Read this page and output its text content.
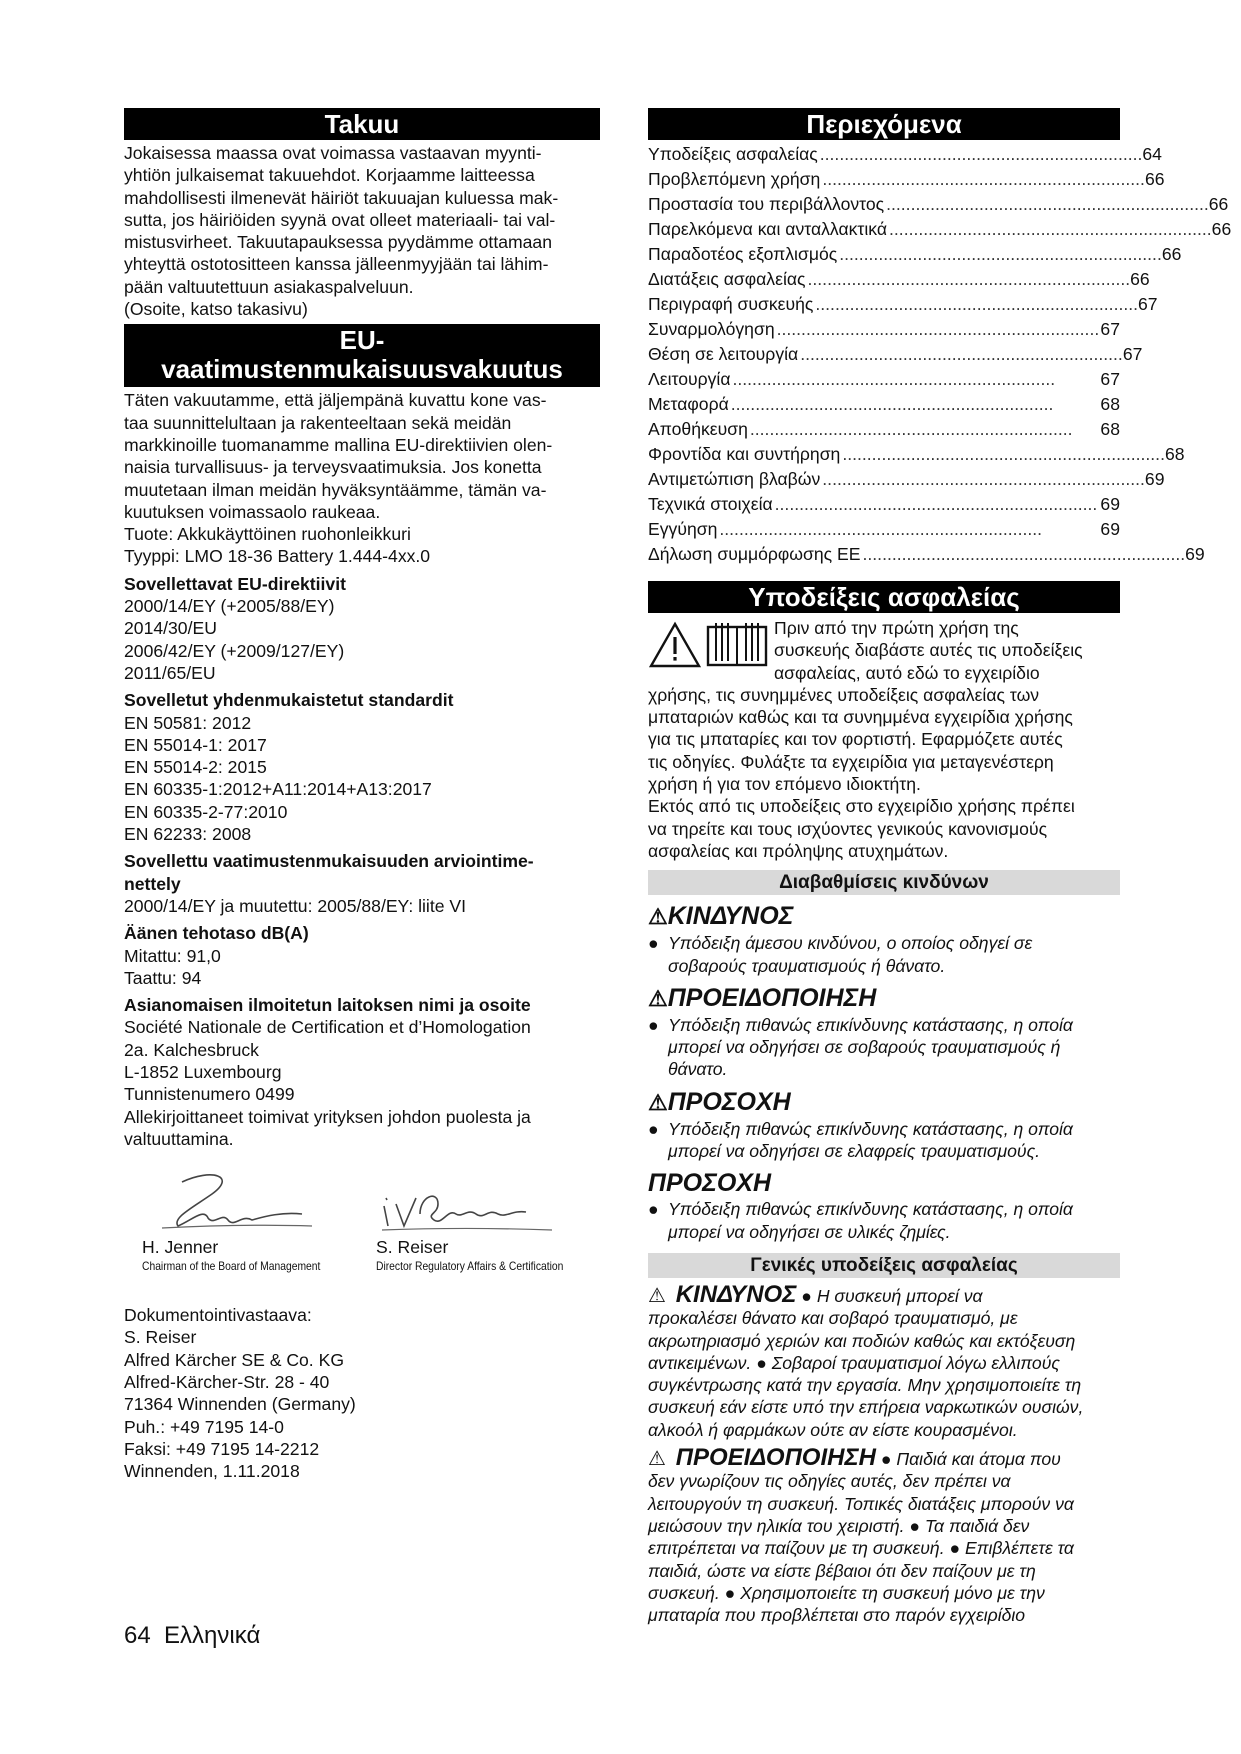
Takuu

Jokaisessa maassa ovat voimassa vastaavan myynti-

yhtiön julkaisemat takuuehdot. Korjaamme laitteessa

mahdollisesti ilmenevät häiriöt takuuajan kuluessa mak-

sutta, jos häiriöiden syynä ovat olleet materiaali- tai val-

mistusvirheet. Takuutapauksessa pyydämme ottamaan

yhteyttä ostotositteen kanssa jälleenmyyjään tai lähim-

pään valtuutettuun asiakaspalveluun.

(Osoite, katso takasivu)

EU-
vaatimustenmukaisuusvakuutus

Täten vakuutamme, että jäljempänä kuvattu kone vas-

taa suunnittelultaan ja rakenteeltaan sekä meidän

markkinoille tuomanamme mallina EU-direktiivien olen-

naisia turvallisuus- ja terveysvaatimuksia. Jos konetta

muutetaan ilman meidän hyväksyntäämme, tämän va-

kuutuksen voimassaolo raukeaa.

Tuote: Akkukäyttöinen ruohonleikkuri

Tyyppi: LMO 18-36 Battery 1.444-4xx.0

Sovellettavat EU-direktiivit

2000/14/EY (+2005/88/EY)

2014/30/EU

2006/42/EY (+2009/127/EY)

2011/65/EU

Sovelletut yhdenmukaistetut standardit

EN 50581: 2012

EN 55014-1: 2017

EN 55014-2: 2015

EN 60335-1:2012+A11:2014+A13:2017

EN 60335-2-77:2010

EN 62233: 2008

Sovellettu vaatimustenmukaisuuden arviointime-

nettely

2000/14/EY ja muutettu: 2005/88/EY: liite VI

Äänen tehotaso dB(A)

Mitattu: 91,0

Taattu: 94

Asianomaisen ilmoitetun laitoksen nimi ja osoite

Société Nationale de Certification et d’Homologation

2a. Kalchesbruck

L-1852 Luxembourg

Tunnistenumero 0499

Allekirjoittaneet toimivat yrityksen johdon puolesta ja

valtuuttamina.

H. Jenner
Chairman of the Board of Management
S. Reiser
Director Regulatory Affairs & Certification

Dokumentointivastaava:

S. Reiser

Alfred Kärcher SE & Co. KG

Alfred-Kärcher-Str. 28 - 40

71364 Winnenden (Germany)

Puh.: +49 7195 14-0

Faksi: +49 7195 14-2212

Winnenden, 1.11.2018

Περιεχόμενα
Υποδείξεις ασφαλείας .................................................................. 64
Προβλεπόμενη χρήση .................................................................. 66
Προστασία του περιβάλλοντος .................................................................. 66
Παρελκόμενα και ανταλλακτικά .................................................................. 66
Παραδοτέος εξοπλισμός .................................................................. 66
Διατάξεις ασφαλείας .................................................................. 66
Περιγραφή συσκευής .................................................................. 67
Συναρμολόγηση .................................................................. 67
Θέση σε λειτουργία .................................................................. 67
Λειτουργία ..................................................................	67
Μεταφορά ..................................................................	68
Αποθήκευση ..................................................................	68
Φροντίδα και συντήρηση .................................................................. 68
Αντιμετώπιση βλαβών .................................................................. 69
Τεχνικά στοιχεία .................................................................. 69
Εγγύηση ..................................................................	69
Δήλωση συμμόρφωσης ΕΕ .................................................................. 69
Υποδείξεις ασφαλείας

Πριν από την πρώτη χρήση της

συσκευής διαβάστε αυτές τις υποδείξεις

ασφαλείας, αυτό εδώ το εγχειρίδιο

χρήσης, τις συνημμένες υποδείξεις ασφαλείας των

μπαταριών καθώς και τα συνημμένα εγχειρίδια χρήσης

για τις μπαταρίες και τον φορτιστή. Εφαρμόζετε αυτές

τις οδηγίες. Φυλάξτε τα εγχειρίδια για μεταγενέστερη

χρήση ή για τον επόμενο ιδιοκτήτη.

Εκτός από τις υποδείξεις στο εγχειρίδιο χρήσης πρέπει

να τηρείτε και τους ισχύοντες γενικούς κανονισμούς

ασφαλείας και πρόληψης ατυχημάτων.

Διαβαθμίσεις κινδύνων
⚠ΚΙΝΔΥΝΟΣ

● Υπόδειξη άμεσου κινδύνου, ο οποίος οδηγεί σε

σοβαρούς τραυματισμούς ή θάνατο.

⚠ΠΡΟΕΙΔΟΠΟΙΗΣΗ

● Υπόδειξη πιθανώς επικίνδυνης κατάστασης, η οποία

μπορεί να οδηγήσει σε σοβαρούς τραυματισμούς ή

θάνατο.

⚠ΠΡΟΣΟΧΗ

● Υπόδειξη πιθανώς επικίνδυνης κατάστασης, η οποία

μπορεί να οδηγήσει σε ελαφρείς τραυματισμούς.

ΠΡΟΣΟΧΗ

● Υπόδειξη πιθανώς επικίνδυνης κατάστασης, η οποία

μπορεί να οδηγήσει σε υλικές ζημίες.

Γενικές υποδείξεις ασφαλείας

⚠ ΚΙΝΔΥΝΟΣ ● Η συσκευή μπορεί να

προκαλέσει θάνατο και σοβαρό τραυματισμό, με

ακρωτηριασμό χεριών και ποδιών καθώς και εκτόξευση

αντικειμένων. ● Σοβαροί τραυματισμοί λόγω ελλιπούς

συγκέντρωσης κατά την εργασία. Μην χρησιμοποιείτε τη

συσκευή εάν είστε υπό την επήρεια ναρκωτικών ουσιών,

αλκοόλ ή φαρμάκων ούτε αν είστε κουρασμένοι.

⚠ ΠΡΟΕΙΔΟΠΟΙΗΣΗ ● Παιδιά και άτομα που

δεν γνωρίζουν τις οδηγίες αυτές, δεν πρέπει να

λειτουργούν τη συσκευή. Τοπικές διατάξεις μπορούν να

μειώσουν την ηλικία του χειριστή. ● Τα παιδιά δεν

επιτρέπεται να παίζουν με τη συσκευή. ● Επιβλέπετε τα

παιδιά, ώστε να είστε βέβαιοι ότι δεν παίζουν με τη

συσκευή. ● Χρησιμοποιείτε τη συσκευή μόνο με την

μπαταρία που προβλέπεται στο παρόν εγχειρίδιο

64 Ελληνικά
